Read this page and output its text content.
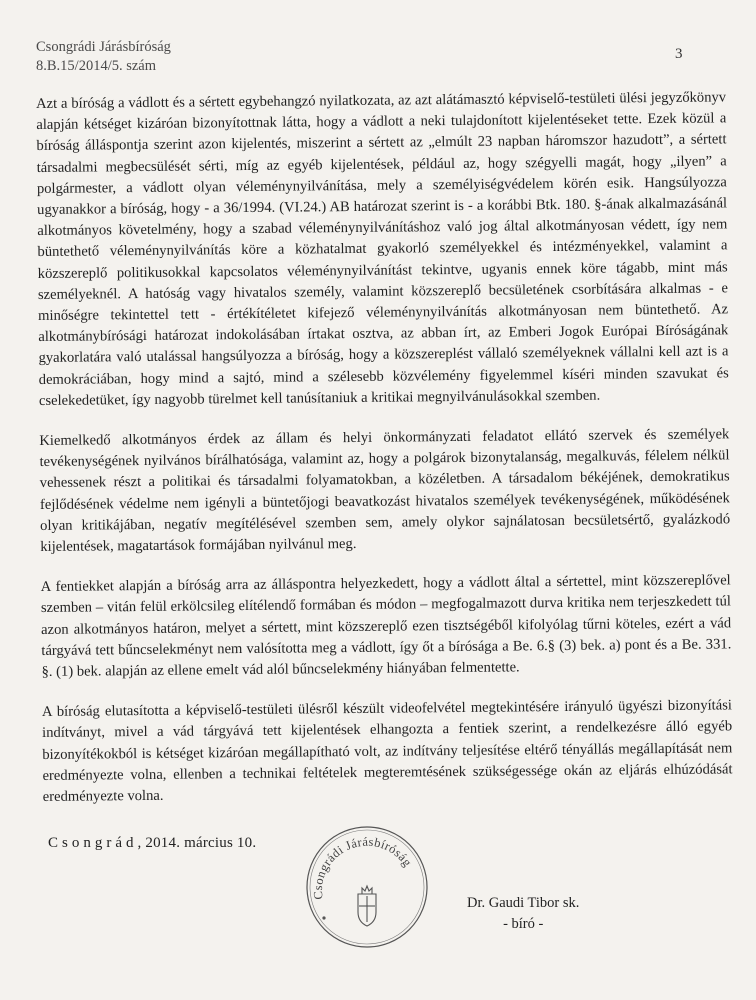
Csongrádi Járásbíróság
8.B.15/2014/5. szám
3

Azt a bíróság a vádlott és a sértett egybehangzó nyilatkozata, az azt alátámasztó képviselő-testületi ülési jegyzőkönyv alapján kétséget kizáróan bizonyítottnak látta, hogy a vádlott a neki tulajdonított kijelentéseket tette. Ezek közül a bíróság álláspontja szerint azon kijelentés, miszerint a sértett az „elmúlt 23 napban háromszor hazudott”, a sértett társadalmi megbecsülését sérti, míg az egyéb kijelentések, például az, hogy szégyelli magát, hogy „ilyen” a polgármester, a vádlott olyan véleménynyilvánítása, mely a személyiségvédelem körén esik. Hangsúlyozza ugyanakkor a bíróság, hogy - a 36/1994. (VI.24.) AB határozat szerint is - a korábbi Btk. 180. §-ának alkalmazásánál alkotmányos követelmény, hogy a szabad véleménynyilvánításhoz való jog által alkotmányosan védett, így nem büntethető véleménynyilvánítás köre a közhatalmat gyakorló személyekkel és intézményekkel, valamint a közszereplő politikusokkal kapcsolatos véleménynyilvánítást tekintve, ugyanis ennek köre tágabb, mint más személyeknél. A hatóság vagy hivatalos személy, valamint közszereplő becsületének csorbítására alkalmas - e minőségre tekintettel tett - értékítéletet kifejező véleménynyilvánítás alkotmányosan nem büntethető. Az alkotmánybírósági határozat indokolásában írtakat osztva, az abban írt, az Emberi Jogok Európai Bíróságának gyakorlatára való utalással hangsúlyozza a bíróság, hogy a közszereplést vállaló személyeknek vállalni kell azt is a demokráciában, hogy mind a sajtó, mind a szélesebb közvélemény figyelemmel kíséri minden szavukat és cselekedetüket, így nagyobb türelmet kell tanúsítaniuk a kritikai megnyilvánulásokkal szemben.

Kiemelkedő alkotmányos érdek az állam és helyi önkormányzati feladatot ellátó szervek és személyek tevékenységének nyilvános bírálhatósága, valamint az, hogy a polgárok bizonytalanság, megalkuvás, félelem nélkül vehessenek részt a politikai és társadalmi folyamatokban, a közéletben. A társadalom békéjének, demokratikus fejlődésének védelme nem igényli a büntetőjogi beavatkozást hivatalos személyek tevékenységének, működésének olyan kritikájában, negatív megítélésével szemben sem, amely olykor sajnálatosan becsületsértő, gyalázkodó kijelentések, magatartások formájában nyilvánul meg.

A fentiekket alapján a bíróság arra az álláspontra helyezkedett, hogy a vádlott által a sértettel, mint közszereplővel szemben – vitán felül erkölcsileg elítélendő formában és módon – megfogalmazott durva kritika nem terjeszkedett túl azon alkotmányos határon, melyet a sértett, mint közszereplő ezen tisztségéből kifolyólag tűrni köteles, ezért a vád tárgyává tett bűncselekményt nem valósította meg a vádlott, így őt a bírósága a Be. 6.§ (3) bek. a) pont és a Be. 331. §. (1) bek. alapján az ellene emelt vád alól bűncselekmény hiányában felmentette.

A bíróság elutasította a képviselő-testületi ülésről készült videofelvétel megtekintésére irányuló ügyészi bizonyítási indítványt, mivel a vád tárgyává tett kijelentések elhangozta a fentiek szerint, a rendelkezésre álló egyéb bizonyítékokból is kétséget kizáróan megállapítható volt, az indítvány teljesítése eltérő tényállás megállapítását nem eredményezte volna, ellenben a technikai feltételek megteremtésének szükségessége okán az eljárás elhúzódását eredményezte volna.

Csongrád, 2014. március 10.
Csongrádi Járásbíróság
Dr. Gaudi Tibor sk.
- bíró -
